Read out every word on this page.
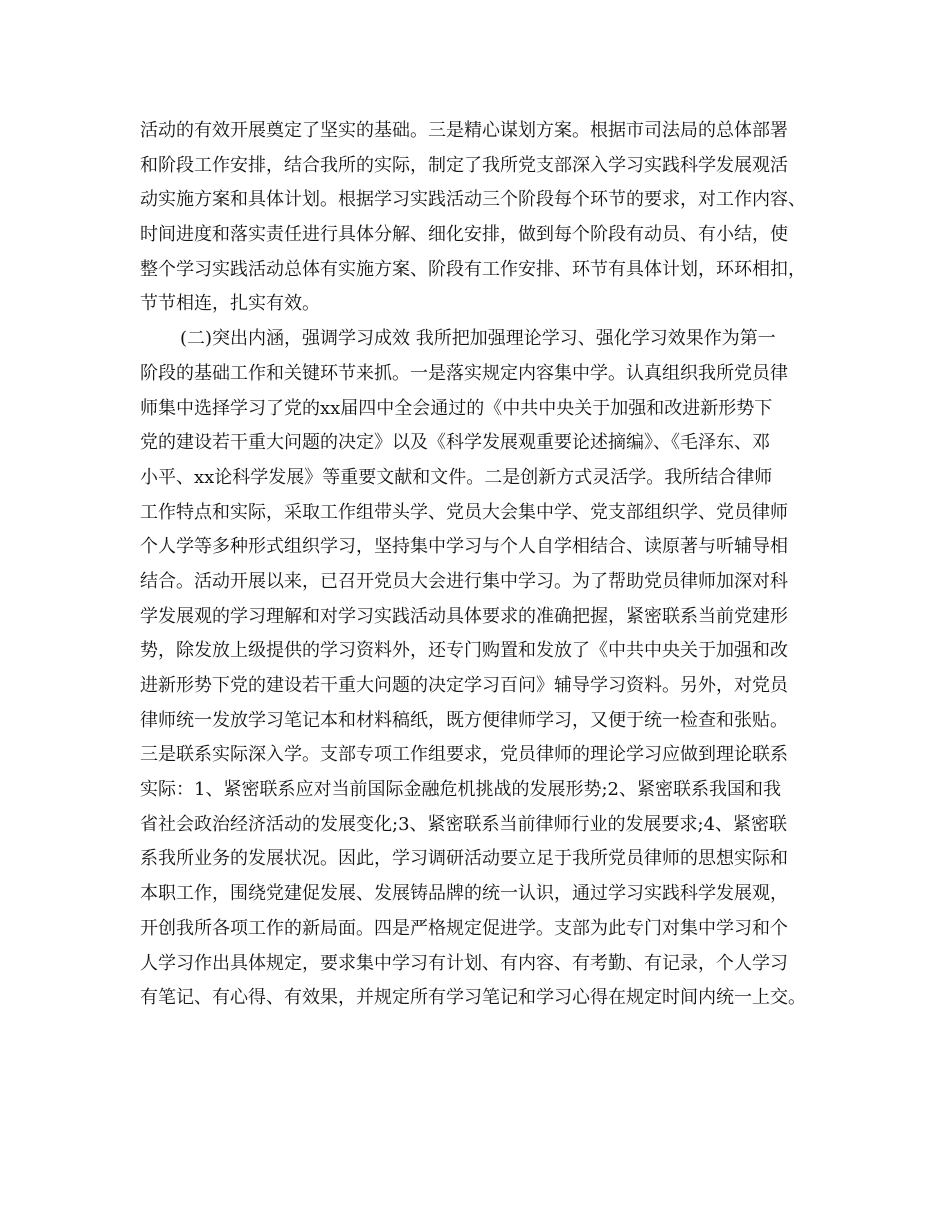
活动的有效开展奠定了坚实的基础。三是精心谋划方案。根据市司法局的总体部署
和阶段工作安排，结合我所的实际，制定了我所党支部深入学习实践科学发展观活
动实施方案和具体计划。根据学习实践活动三个阶段每个环节的要求，对工作内容、
时间进度和落实责任进行具体分解、细化安排，做到每个阶段有动员、有小结，使
整个学习实践活动总体有实施方案、阶段有工作安排、环节有具体计划，环环相扣，
节节相连，扎实有效。
(二)突出内涵，强调学习成效 我所把加强理论学习、强化学习效果作为第一
阶段的基础工作和关键环节来抓。一是落实规定内容集中学。认真组织我所党员律
师集中选择学习了党的xx届四中全会通过的《中共中央关于加强和改进新形势下
党的建设若干重大问题的决定》以及《科学发展观重要论述摘编》、《毛泽东、邓
小平、xx论科学发展》等重要文献和文件。二是创新方式灵活学。我所结合律师
工作特点和实际，采取工作组带头学、党员大会集中学、党支部组织学、党员律师
个人学等多种形式组织学习，坚持集中学习与个人自学相结合、读原著与听辅导相
结合。活动开展以来，已召开党员大会进行集中学习。为了帮助党员律师加深对科
学发展观的学习理解和对学习实践活动具体要求的准确把握，紧密联系当前党建形
势，除发放上级提供的学习资料外，还专门购置和发放了《中共中央关于加强和改
进新形势下党的建设若干重大问题的决定学习百问》辅导学习资料。另外，对党员
律师统一发放学习笔记本和材料稿纸，既方便律师学习，又便于统一检查和张贴。
三是联系实际深入学。支部专项工作组要求，党员律师的理论学习应做到理论联系
实际：1、紧密联系应对当前国际金融危机挑战的发展形势;2、紧密联系我国和我
省社会政治经济活动的发展变化;3、紧密联系当前律师行业的发展要求;4、紧密联
系我所业务的发展状况。因此，学习调研活动要立足于我所党员律师的思想实际和
本职工作，围绕党建促发展、发展铸品牌的统一认识，通过学习实践科学发展观，
开创我所各项工作的新局面。四是严格规定促进学。支部为此专门对集中学习和个
人学习作出具体规定，要求集中学习有计划、有内容、有考勤、有记录，个人学习
有笔记、有心得、有效果，并规定所有学习笔记和学习心得在规定时间内统一上交。
